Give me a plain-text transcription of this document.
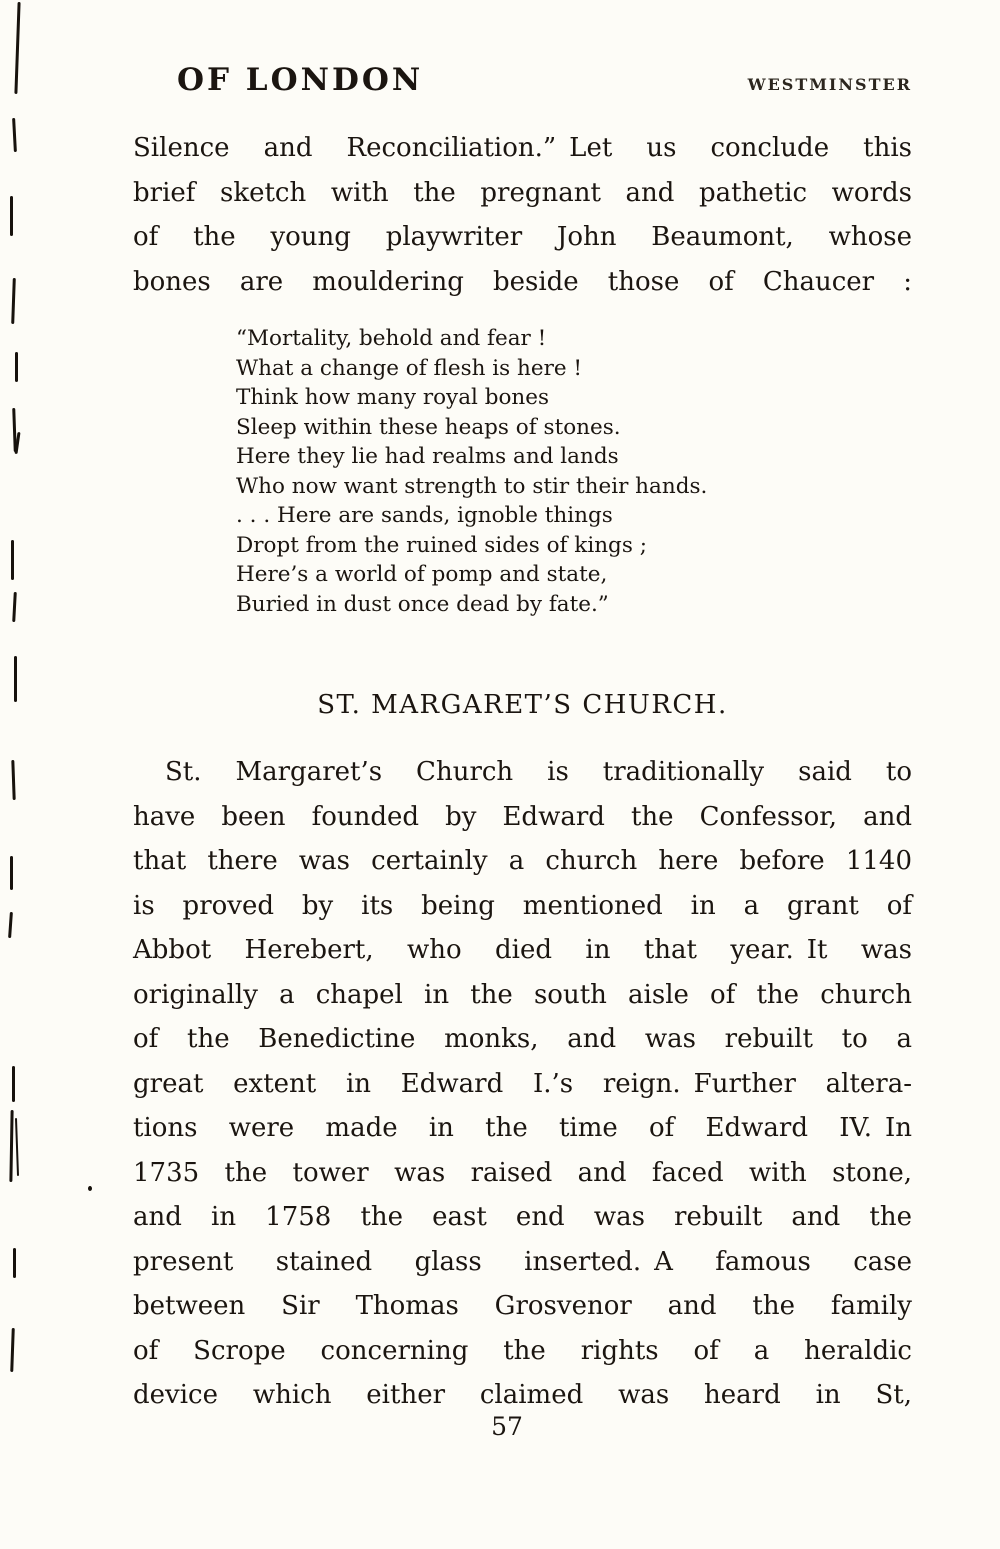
OF LONDON	WESTMINSTER
Silence and Reconciliation.” Let us conclude this
brief sketch with the pregnant and pathetic words
of the young playwriter John Beaumont, whose
bones are mouldering beside those of Chaucer :
“Mortality, behold and fear !
What a change of flesh is here !
Think how many royal bones
Sleep within these heaps of stones.
Here they lie had realms and lands
Who now want strength to stir their hands.
. . . Here are sands, ignoble things
Dropt from the ruined sides of kings ;
Here’s a world of pomp and state,
Buried in dust once dead by fate.”
ST. MARGARET’S CHURCH.
St. Margaret’s Church is traditionally said to
have been founded by Edward the Confessor, and
that there was certainly a church here before 1140
is proved by its being mentioned in a grant of
Abbot Herebert, who died in that year. It was
originally a chapel in the south aisle of the church
of the Benedictine monks, and was rebuilt to a
great extent in Edward I.’s reign. Further altera-
tions were made in the time of Edward IV. In
1735 the tower was raised and faced with stone,
and in 1758 the east end was rebuilt and the
present stained glass inserted. A famous case
between Sir Thomas Grosvenor and the family
of Scrope concerning the rights of a heraldic
device which either claimed was heard in St,
57
